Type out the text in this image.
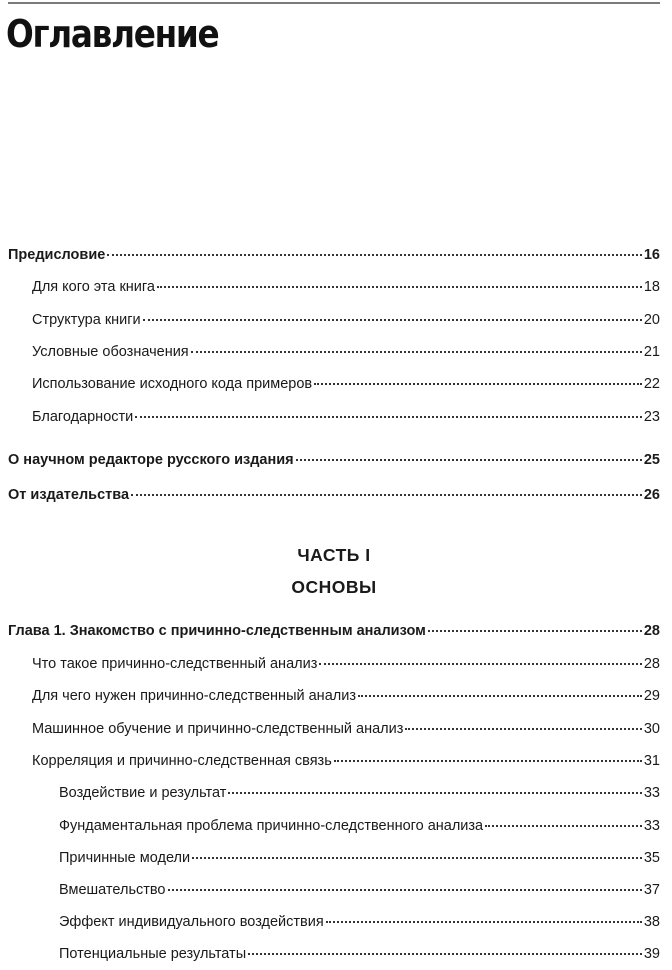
Оглавление
Предисловие	16
Для кого эта книга	18
Структура книги	20
Условные обозначения	21
Использование исходного кода примеров	22
Благодарности	23
О научном редакторе русского издания	25
От издательства	26
ЧАСТЬ I
ОСНОВЫ
Глава 1. Знакомство с причинно-следственным анализом	28
Что такое причинно-следственный анализ	28
Для чего нужен причинно-следственный анализ	29
Машинное обучение и причинно-следственный анализ	30
Корреляция и причинно-следственная связь	31
Воздействие и результат	33
Фундаментальная проблема причинно-следственного анализа	33
Причинные модели	35
Вмешательство	37
Эффект индивидуального воздействия	38
Потенциальные результаты	39
